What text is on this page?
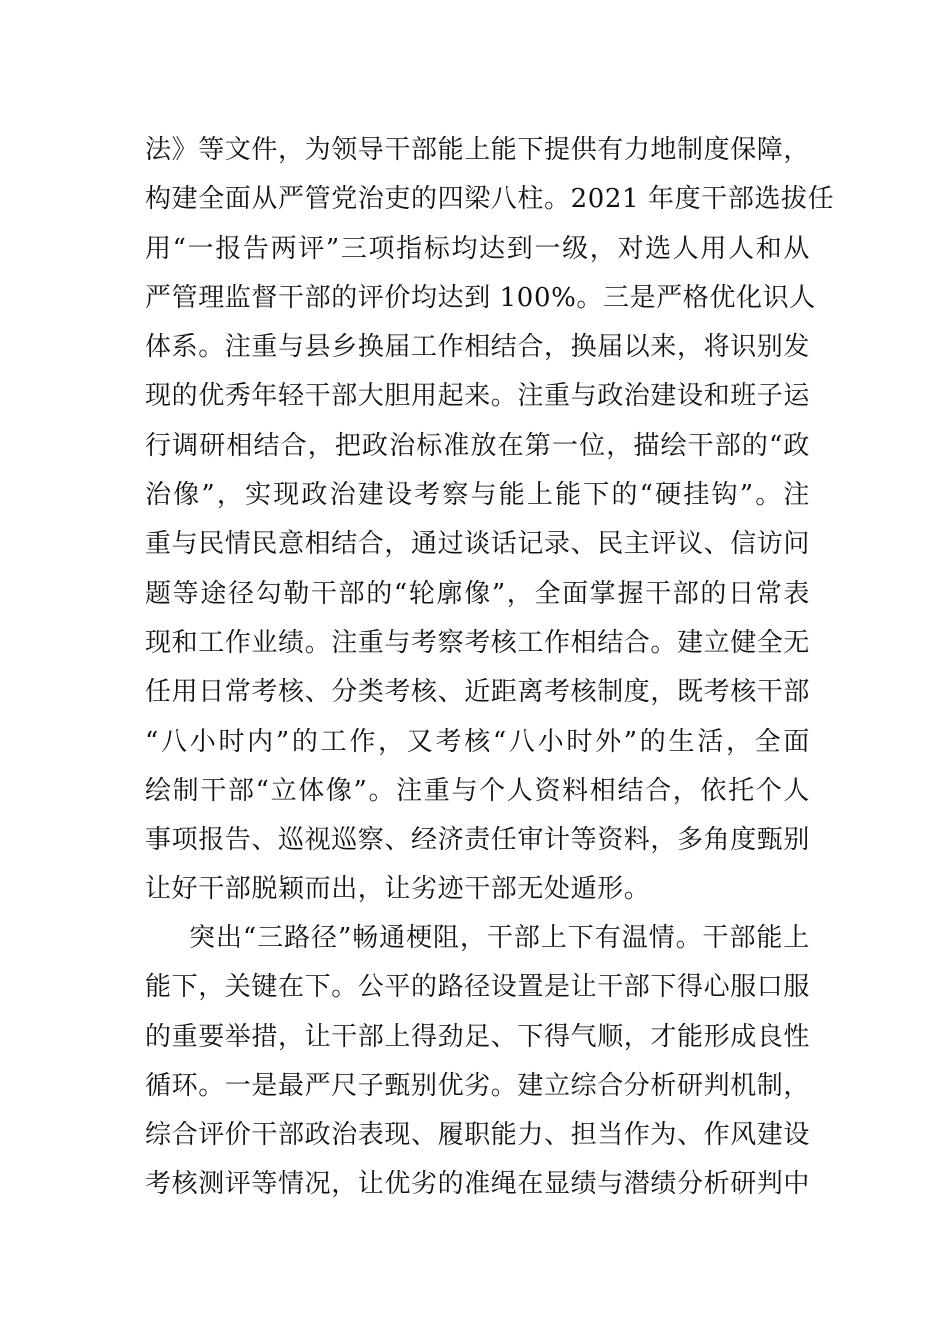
法》等文件，为领导干部能上能下提供有力地制度保障，
构建全面从严管党治吏的四梁八柱。2021 年度干部选拔任
用“一报告两评”三项指标均达到一级，对选人用人和从
严管理监督干部的评价均达到 100%。三是严格优化识人
体系。注重与县乡换届工作相结合，换届以来，将识别发
现的优秀年轻干部大胆用起来。注重与政治建设和班子运
行调研相结合，把政治标准放在第一位，描绘干部的“政
治像”，实现政治建设考察与能上能下的“硬挂钩”。注
重与民情民意相结合，通过谈话记录、民主评议、信访问
题等途径勾勒干部的“轮廓像”，全面掌握干部的日常表
现和工作业绩。注重与考察考核工作相结合。建立健全无
任用日常考核、分类考核、近距离考核制度，既考核干部
“八小时内”的工作，又考核“八小时外”的生活，全面
绘制干部“立体像”。注重与个人资料相结合，依托个人
事项报告、巡视巡察、经济责任审计等资料，多角度甄别
让好干部脱颖而出，让劣迹干部无处遁形。
突出“三路径”畅通梗阻，干部上下有温情。干部能上
能下，关键在下。公平的路径设置是让干部下得心服口服
的重要举措，让干部上得劲足、下得气顺，才能形成良性
循环。一是最严尺子甄别优劣。建立综合分析研判机制，
综合评价干部政治表现、履职能力、担当作为、作风建设
考核测评等情况，让优劣的准绳在显绩与潜绩分析研判中
